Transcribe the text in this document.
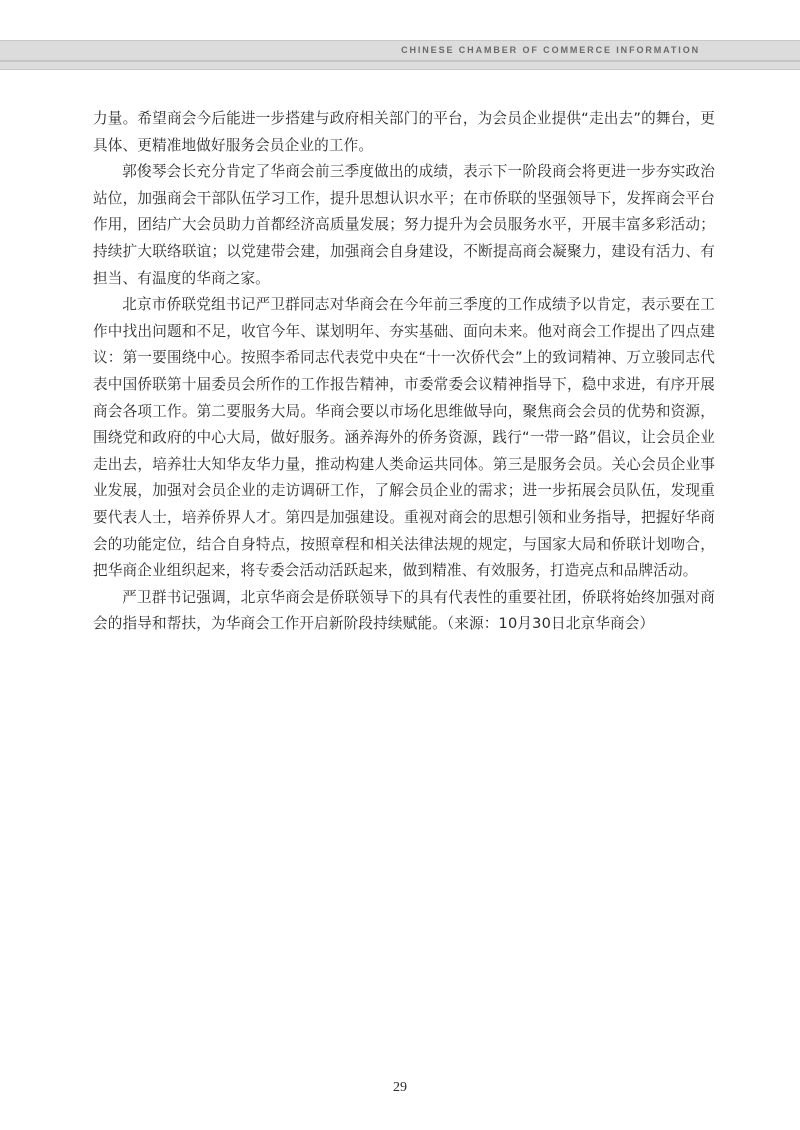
CHINESE CHAMBER OF COMMERCE INFORMATION

力量。希望商会今后能进一步搭建与政府相关部门的平台，为会员企业提供“走出去”的舞台，更具体、更精准地做好服务会员企业的工作。

郭俊琴会长充分肯定了华商会前三季度做出的成绩，表示下一阶段商会将更进一步夯实政治站位，加强商会干部队伍学习工作，提升思想认识水平；在市侨联的坚强领导下，发挥商会平台作用，团结广大会员助力首都经济高质量发展；努力提升为会员服务水平，开展丰富多彩活动；持续扩大联络联谊；以党建带会建，加强商会自身建设，不断提高商会凝聚力，建设有活力、有担当、有温度的华商之家。

北京市侨联党组书记严卫群同志对华商会在今年前三季度的工作成绩予以肯定，表示要在工作中找出问题和不足，收官今年、谋划明年、夯实基础、面向未来。他对商会工作提出了四点建议：第一要围绕中心。按照李希同志代表党中央在“十一次侨代会”上的致词精神、万立骏同志代表中国侨联第十届委员会所作的工作报告精神，市委常委会议精神指导下，稳中求进，有序开展商会各项工作。第二要服务大局。华商会要以市场化思维做导向，聚焦商会会员的优势和资源，围绕党和政府的中心大局，做好服务。涵养海外的侨务资源，践行“一带一路”倡议，让会员企业走出去，培养壮大知华友华力量，推动构建人类命运共同体。第三是服务会员。关心会员企业事业发展，加强对会员企业的走访调研工作，了解会员企业的需求；进一步拓展会员队伍，发现重要代表人士，培养侨界人才。第四是加强建设。重视对商会的思想引领和业务指导，把握好华商会的功能定位，结合自身特点，按照章程和相关法律法规的规定，与国家大局和侨联计划吻合，把华商企业组织起来，将专委会活动活跃起来，做到精准、有效服务，打造亮点和品牌活动。

严卫群书记强调，北京华商会是侨联领导下的具有代表性的重要社团，侨联将始终加强对商会的指导和帮扶，为华商会工作开启新阶段持续赋能。（来源：10月30日北京华商会）

29
